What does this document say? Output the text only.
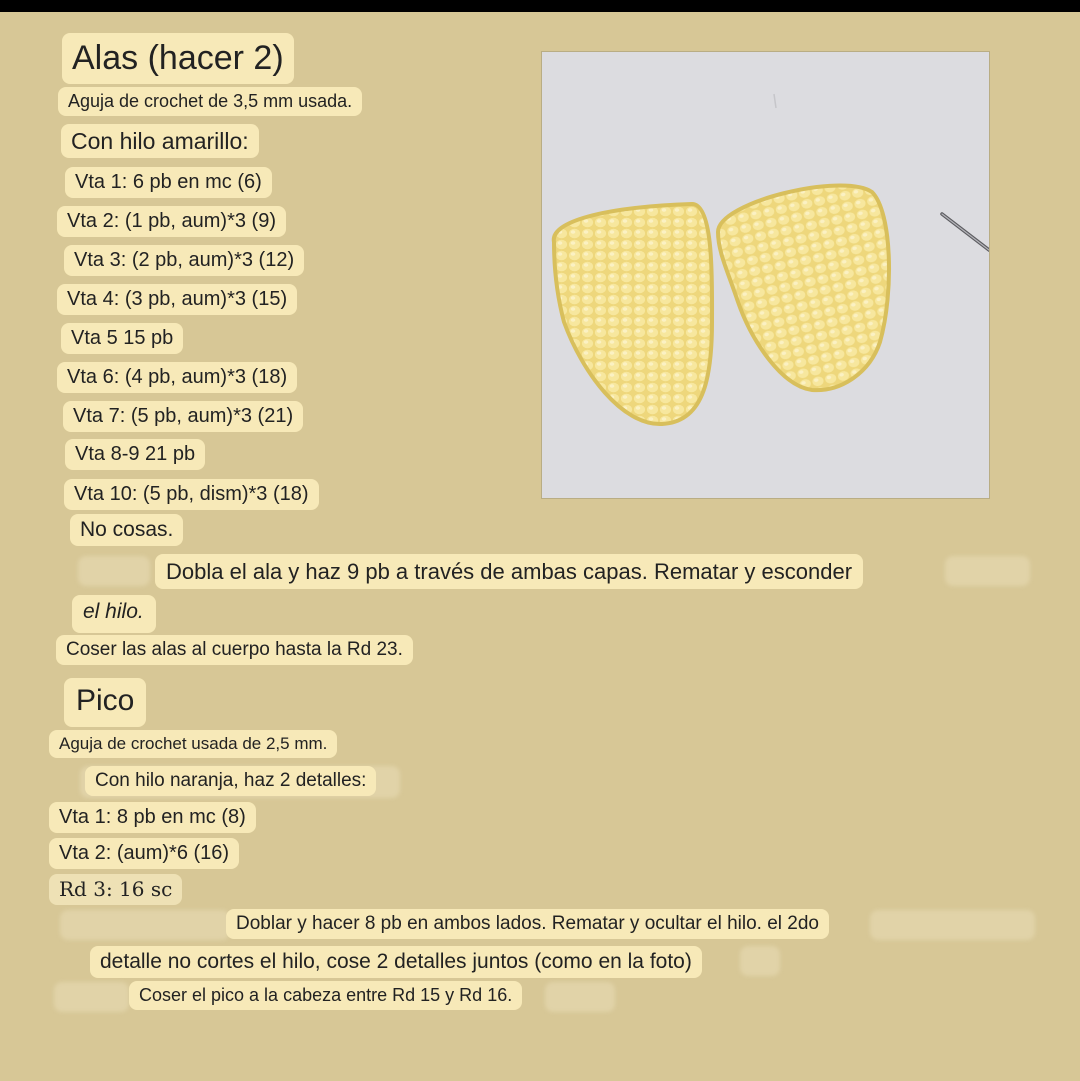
Alas (hacer 2)
Aguja de crochet de 3,5 mm usada.
Con hilo amarillo:
Vta 1: 6 pb en mc (6)
Vta 2: (1 pb, aum)*3 (9)
Vta 3: (2 pb, aum)*3 (12)
Vta 4: (3 pb, aum)*3 (15)
Vta 5 15 pb
Vta 6: (4 pb, aum)*3 (18)
Vta 7: (5 pb, aum)*3 (21)
Vta 8-9 21 pb
Vta 10: (5 pb, dism)*3 (18)
No cosas.
Dobla el ala y haz 9 pb a través de ambas capas. Rematar y esconder
el hilo.
Coser las alas al cuerpo hasta la Rd 23.
Pico
Aguja de crochet usada de 2,5 mm.
Con hilo naranja, haz 2 detalles:
Vta 1: 8 pb en mc (8)
Vta 2: (aum)*6 (16)
Rd 3: 16 sc
Doblar y hacer 8 pb en ambos lados. Rematar y ocultar el hilo. el 2do
detalle no cortes el hilo, cose 2 detalles juntos (como en la foto)
Coser el pico a la cabeza entre Rd 15 y Rd 16.
